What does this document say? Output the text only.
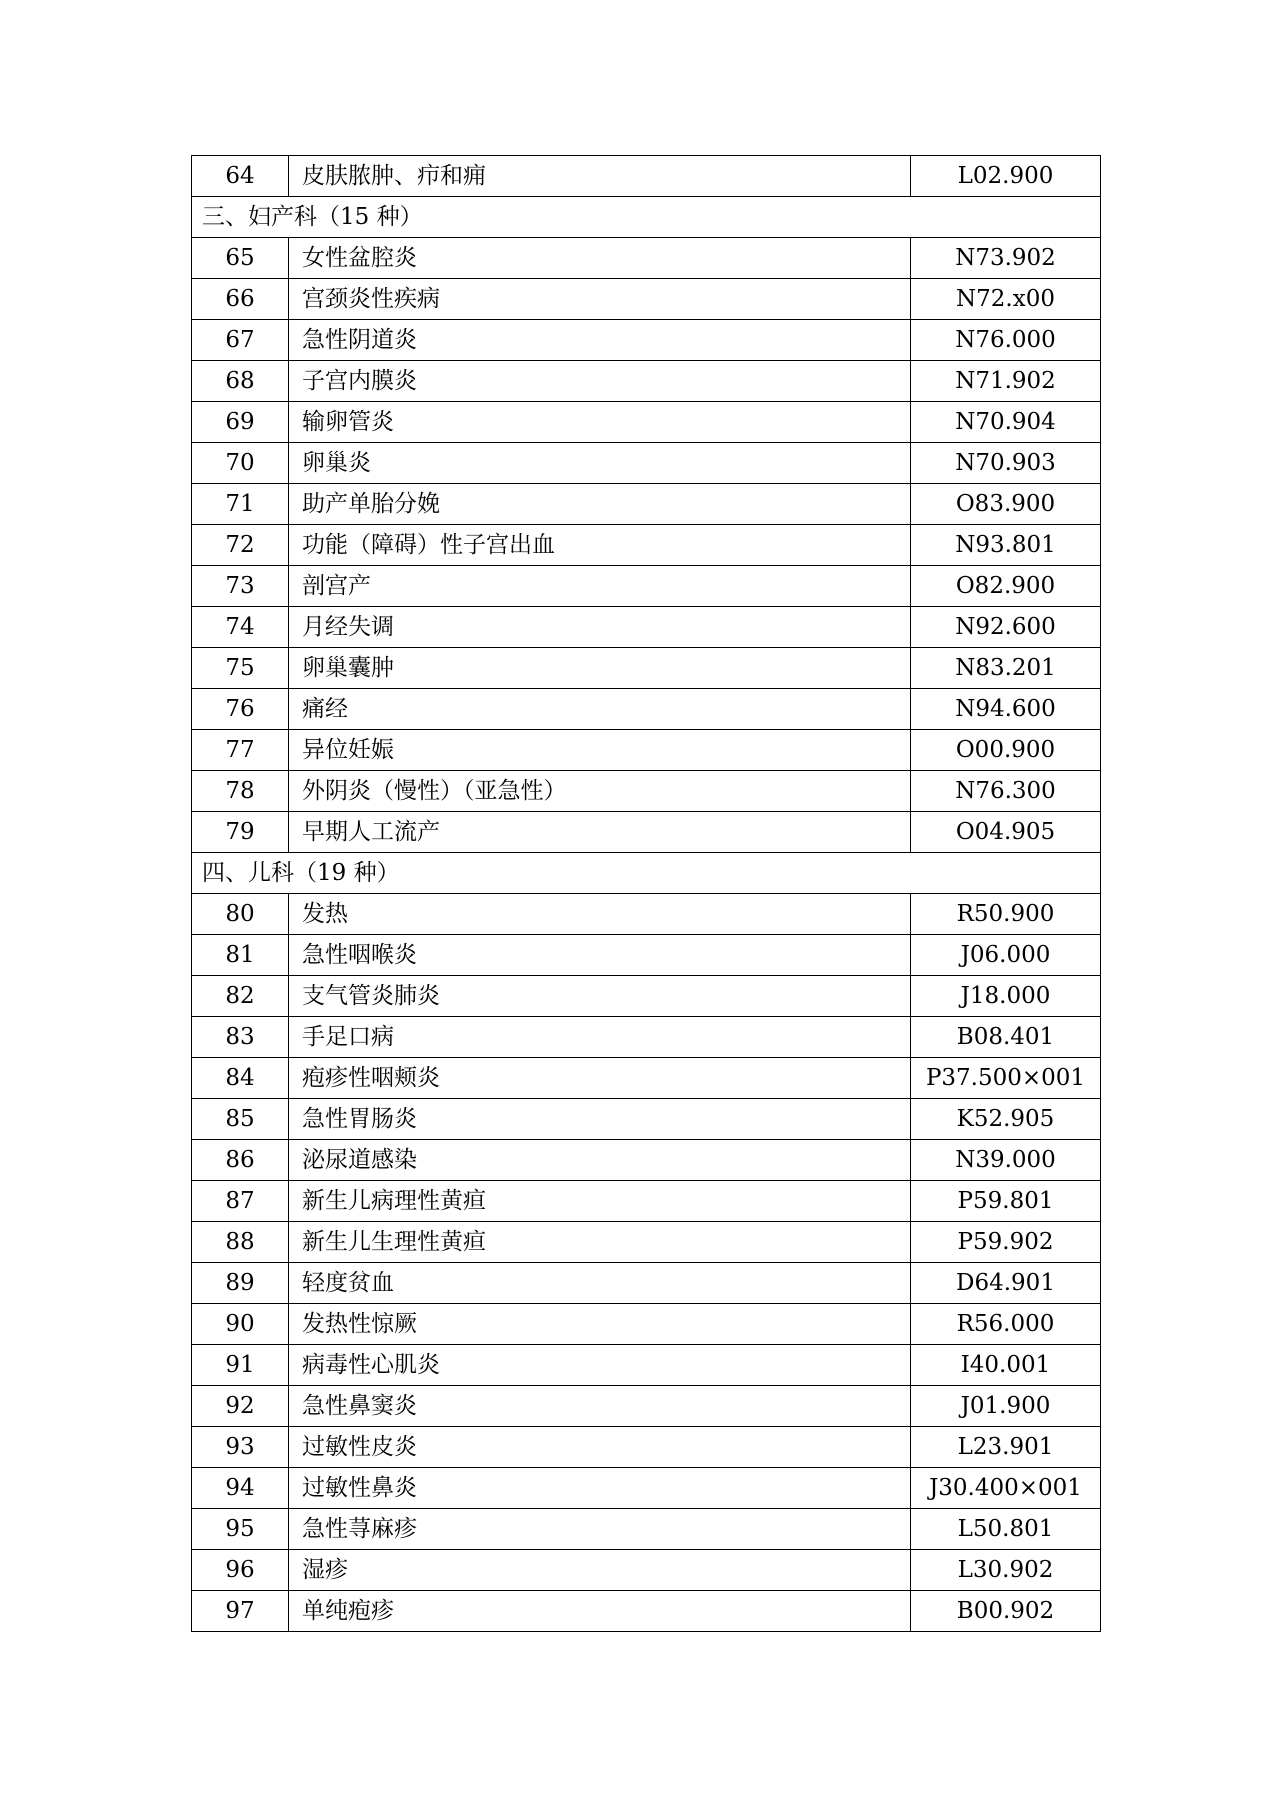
64	皮肤脓肿、疖和痈	L02.900
三、妇产科（15 种）		
65	女性盆腔炎	N73.902
66	宫颈炎性疾病	N72.x00
67	急性阴道炎	N76.000
68	子宫内膜炎	N71.902
69	输卵管炎	N70.904
70	卵巢炎	N70.903
71	助产单胎分娩	O83.900
72	功能（障碍）性子宫出血	N93.801
73	剖宫产	O82.900
74	月经失调	N92.600
75	卵巢囊肿	N83.201
76	痛经	N94.600
77	异位妊娠	O00.900
78	外阴炎（慢性）（亚急性）	N76.300
79	早期人工流产	O04.905
四、儿科（19 种）		
80	发热	R50.900
81	急性咽喉炎	J06.000
82	支气管炎肺炎	J18.000
83	手足口病	B08.401
84	疱疹性咽颊炎	P37.500×001
85	急性胃肠炎	K52.905
86	泌尿道感染	N39.000
87	新生儿病理性黄疸	P59.801
88	新生儿生理性黄疸	P59.902
89	轻度贫血	D64.901
90	发热性惊厥	R56.000
91	病毒性心肌炎	I40.001
92	急性鼻窦炎	J01.900
93	过敏性皮炎	L23.901
94	过敏性鼻炎	J30.400×001
95	急性荨麻疹	L50.801
96	湿疹	L30.902
97	单纯疱疹	B00.902
